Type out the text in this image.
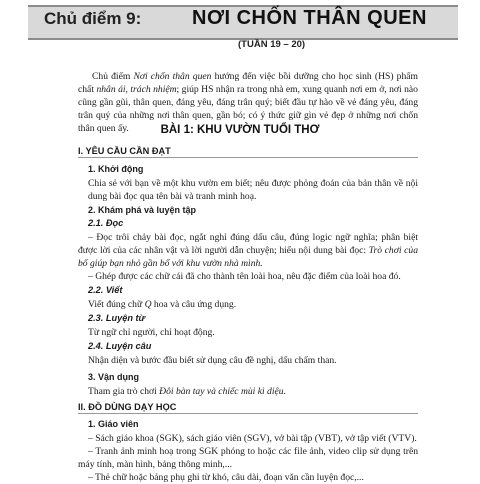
Chủ điểm 9:	NƠI CHỐN THÂN QUEN
(TUẦN 19 – 20)
Chủ điểm Nơi chốn thân quen hướng đến việc bồi dưỡng cho học sinh (HS) phẩm chất nhân ái, trách nhiệm; giúp HS nhận ra trong nhà em, xung quanh nơi em ở, nơi nào cũng gần gũi, thân quen, đáng yêu, đáng trân quý; biết đầu tự hào về vẻ đáng yêu, đáng trân quý của những nơi thân quen, gần bó; có ý thức giữ gìn vẻ đẹp ở những nơi chốn thân quen ấy.	BÀI 1: KHU VƯỜN TUỔI THƠ
I. YÊU CẦU CẦN ĐẠT
1. Khởi động
Chia sẻ với bạn về một khu vườn em biết; nêu được phỏng đoán của bản thân về nội dung bài đọc qua tên bài và tranh minh hoạ.
2. Khám phá và luyện tập
2.1. Đọc
– Đọc trôi chảy bài đọc, ngắt nghỉ đúng dấu câu, đúng logic ngữ nghĩa; phân biệt được lời của các nhân vật và lời người dẫn chuyện; hiểu nội dung bài đọc: Trò chơi của bố giúp bạn nhỏ gần bố với khu vườn nhà mình.
– Ghép được các chữ cái đã cho thành tên loài hoa, nêu đặc điểm của loài hoa đó.
2.2. Viết
Viết đúng chữ Q hoa và câu ứng dụng.
2.3. Luyện từ
Từ ngữ chỉ người, chỉ hoạt động.
2.4. Luyện câu
Nhận diện và bước đầu biết sử dụng câu đề nghị, dấu chấm than.
3. Vận dụng
Tham gia trò chơi Đôi bàn tay và chiếc mùi kì diệu.
II. ĐỒ DÙNG DẠY HỌC
1. Giáo viên
– Sách giáo khoa (SGK), sách giáo viên (SGV), vở bài tập (VBT), vở tập viết (VTV).
– Tranh ảnh minh hoạ trong SGK phóng to hoặc các file ảnh, video clip sử dụng trên máy tính, màn hình, bảng thông minh,...
– Thẻ chữ hoặc bảng phụ ghi từ khó, câu dài, đoạn văn cần luyện đọc,...
